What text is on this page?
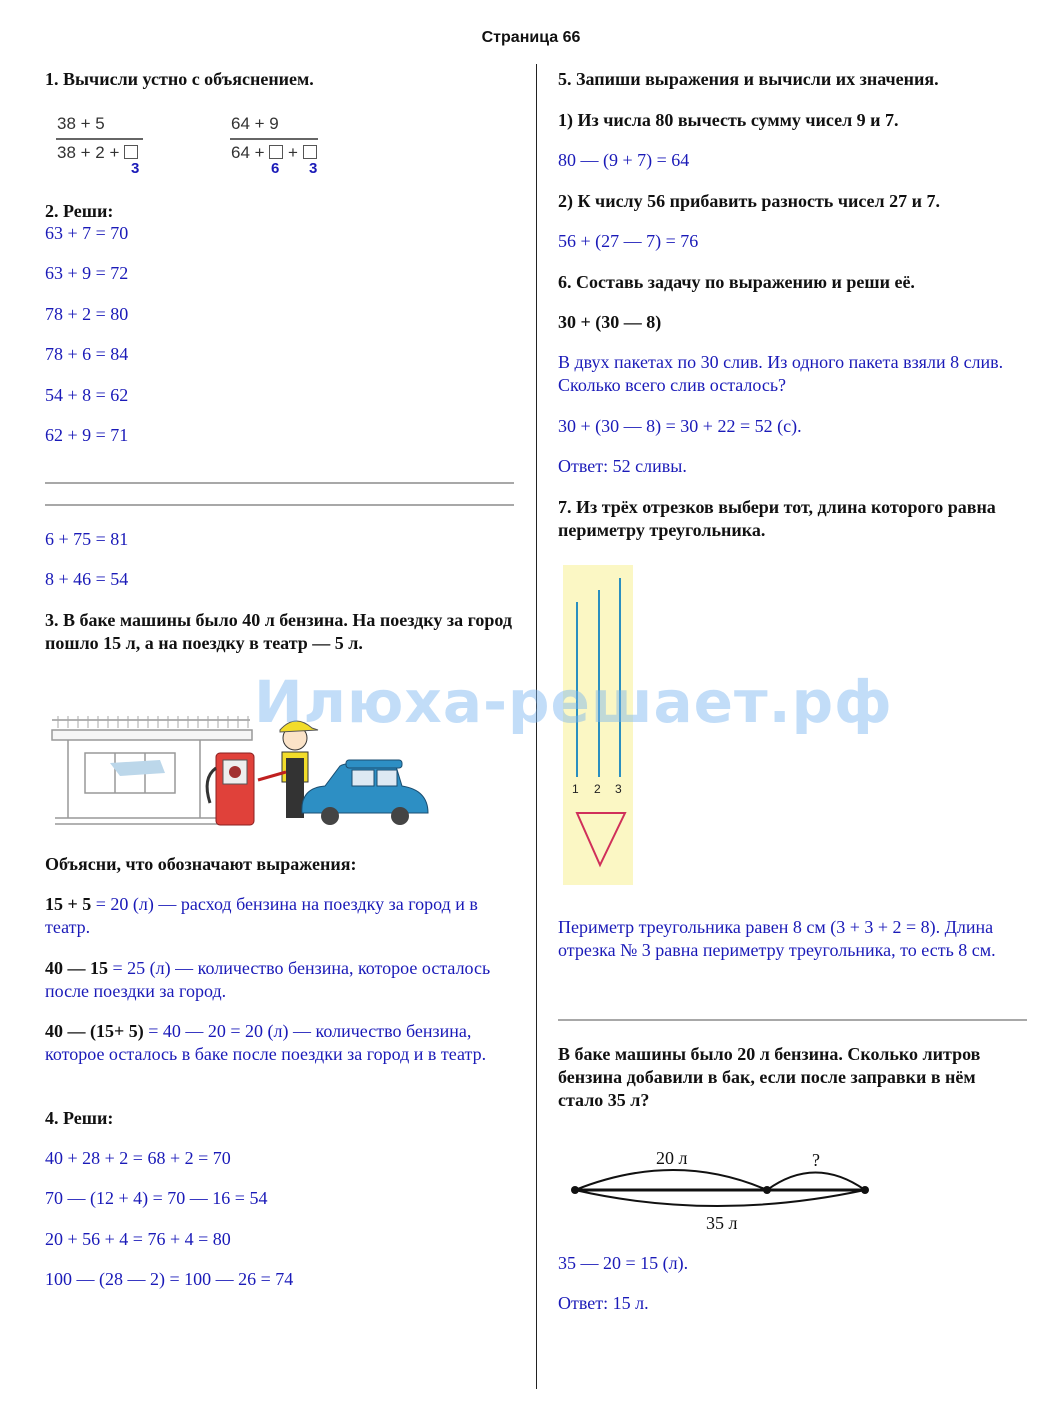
Страница 66
1. Вычисли устно с объяснением.
38 + 5
38 + 2 +
3
64 + 9
64 + +
6 3
2. Реши:
63 + 7 = 70
63 + 9 = 72
78 + 2 = 80
78 + 6 = 84
54 + 8 = 62
62 + 9 = 71
6 + 75 = 81
8 + 46 = 54
3. В баке машины было 40 л бензина. На поездку за город пошло 15 л, а на поездку в театр — 5 л.
Объясни, что обозначают выражения:
15 + 5 = 20 (л) — расход бензина на поездку за город и в театр.
40 — 15 = 25 (л) — количество бензина, которое осталось после поездки за город.
40 — (15+ 5) = 40 — 20 = 20 (л) — количество бензина, которое осталось в баке после поездки за город и в театр.
4. Реши:
40 + 28 + 2 = 68 + 2 = 70
70 — (12 + 4) = 70 — 16 = 54
20 + 56 + 4 = 76 + 4 = 80
100 — (28 — 2) = 100 — 26 = 74
5. Запиши выражения и вычисли их значения.
1) Из числа 80 вычесть сумму чисел 9 и 7.
80 — (9 + 7) = 64
2) К числу 56 прибавить разность чисел 27 и 7.
56 + (27 — 7) = 76
6. Составь задачу по выражению и реши её.
30 + (30 — 8)
В двух пакетах по 30 слив. Из одного пакета взяли 8 слив. Сколько всего слив осталось?
30 + (30 — 8) = 30 + 22 = 52 (с).
Ответ: 52 сливы.
7. Из трёх отрезков выбери тот, длина которого равна периметру треугольника.
1 2 3
Периметр треугольника равен 8 см (3 + 3 + 2 = 8). Длина отрезка № 3 равна периметру треугольника, то есть 8 см.
В баке машины было 20 л бензина. Сколько литров бензина добавили в бак, если после заправки в нём стало 35 л?
20 л	?
35 л
35 — 20 = 15 (л).
Ответ: 15 л.
Илюха-решает.рф
